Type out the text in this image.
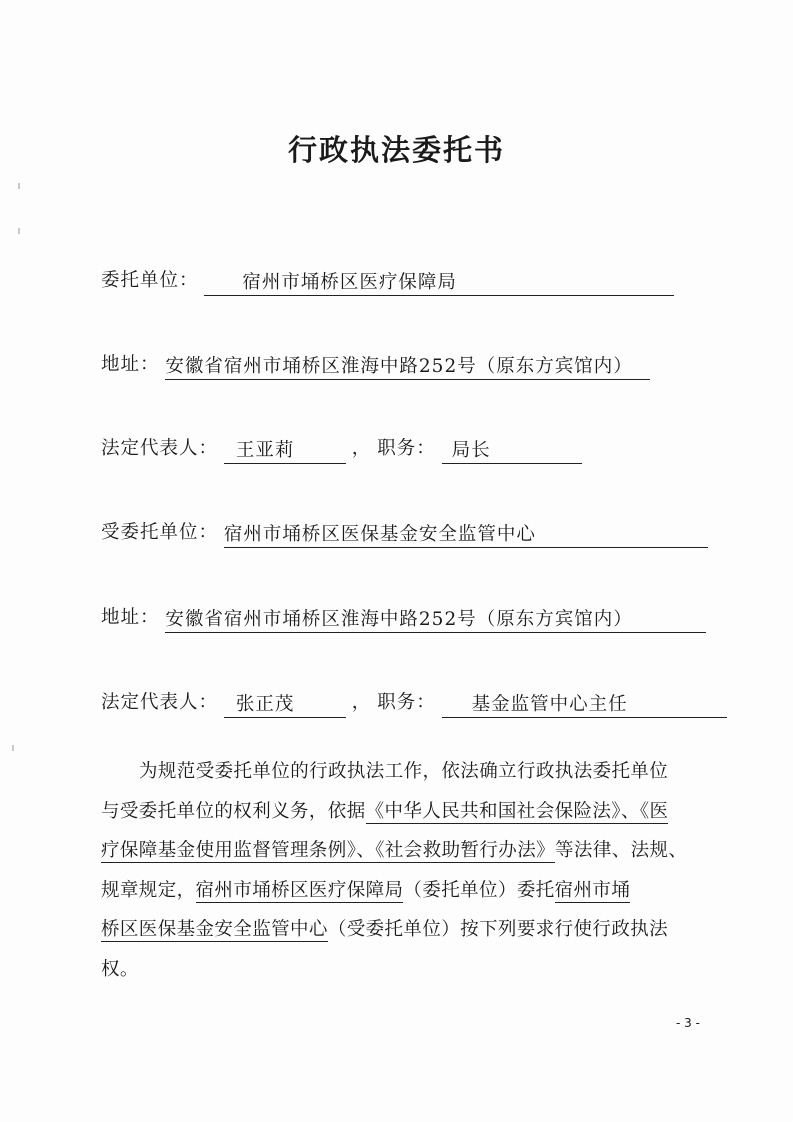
行政执法委托书
委托单位： 宿州市埇桥区医疗保障局
地址： 安徽省宿州市埇桥区淮海中路252号（原东方宾馆内）
法定代表人： 王亚莉	， 职务： 局长
受委托单位： 宿州市埇桥区医保基金安全监管中心
地址： 安徽省宿州市埇桥区淮海中路252号（原东方宾馆内）
法定代表人： 张正茂	， 职务： 基金监管中心主任
为规范受委托单位的行政执法工作，依法确立行政执法委托单位
与受委托单位的权利义务，依据《中华人民共和国社会保险法》、《医
疗保障基金使用监督管理条例》、《社会救助暂行办法》等法律、法规、
规章规定，宿州市埇桥区医疗保障局（委托单位）委托宿州市埇
桥区医保基金安全监管中心（受委托单位）按下列要求行使行政执法
权。
- 3 -
